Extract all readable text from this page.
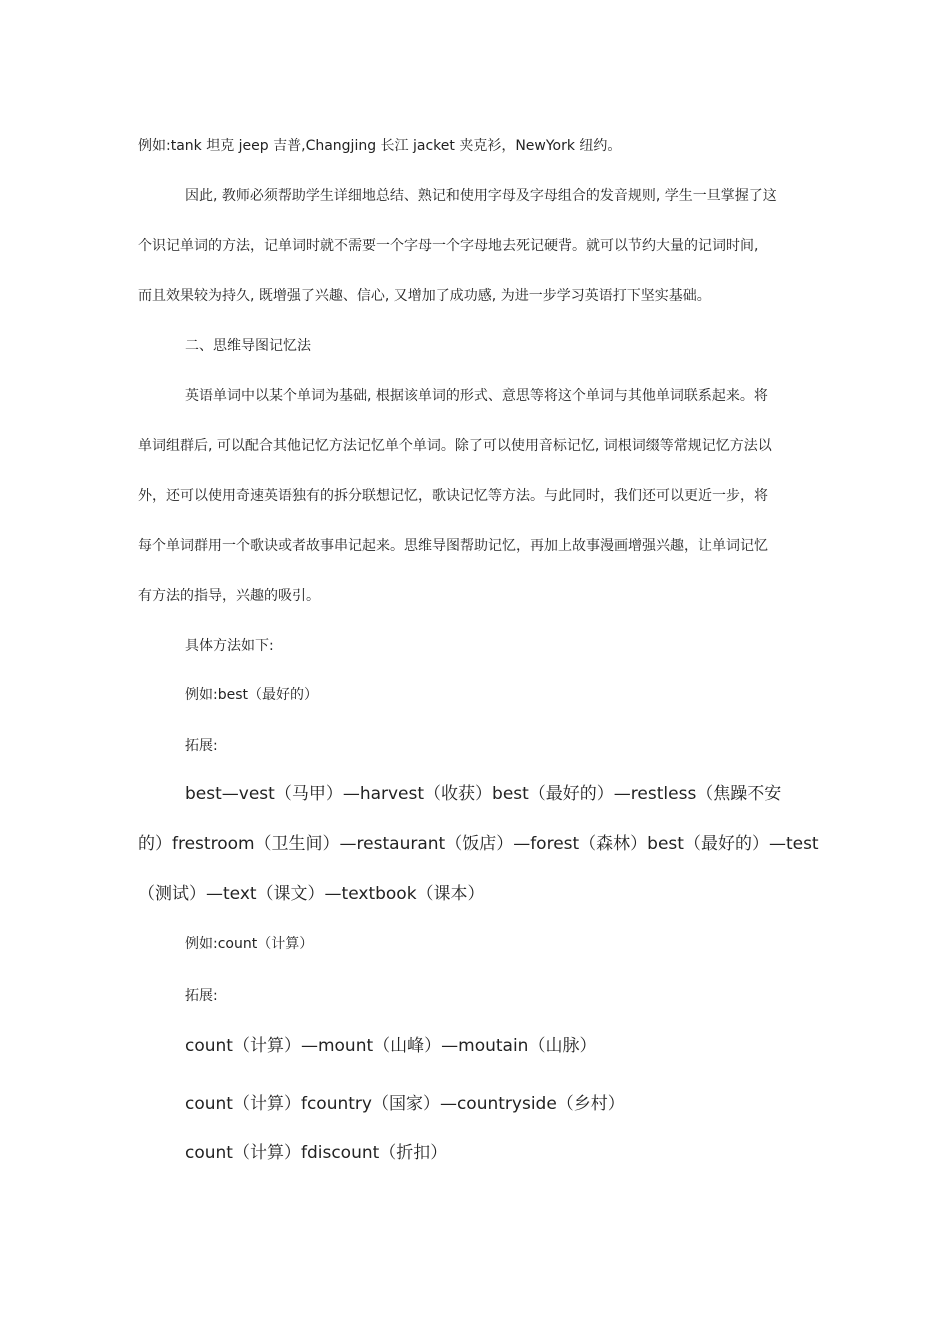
例如:tank 坦克 jeep 吉普,Changjing 长江 jacket 夹克衫，NewYork 纽约。
因此, 教师必须帮助学生详细地总结、熟记和使用字母及字母组合的发音规则, 学生一旦掌握了这
个识记单词的方法，记单词时就不需要一个字母一个字母地去死记硬背。就可以节约大量的记词时间,
而且效果较为持久, 既增强了兴趣、信心, 又增加了成功感, 为进一步学习英语打下坚实基础。
二、思维导图记忆法
英语单词中以某个单词为基础, 根据该单词的形式、意思等将这个单词与其他单词联系起来。将
单词组群后, 可以配合其他记忆方法记忆单个单词。除了可以使用音标记忆, 词根词缀等常规记忆方法以
外，还可以使用奇速英语独有的拆分联想记忆，歌诀记忆等方法。与此同时，我们还可以更近一步，将
每个单词群用一个歌诀或者故事串记起来。思维导图帮助记忆，再加上故事漫画增强兴趣，让单词记忆
有方法的指导，兴趣的吸引。
具体方法如下:
例如:best（最好的）
拓展:
best—vest（马甲）—harvest（收获）best（最好的）—restless（焦躁不安
的）frestroom（卫生间）—restaurant（饭店）—forest（森林）best（最好的）—test
（测试）—text（课文）—textbook（课本）
例如:count（计算）
拓展:
count（计算）—mount（山峰）—moutain（山脉）
count（计算）fcountry（国家）—countryside（乡村）
count（计算）fdiscount（折扣）
